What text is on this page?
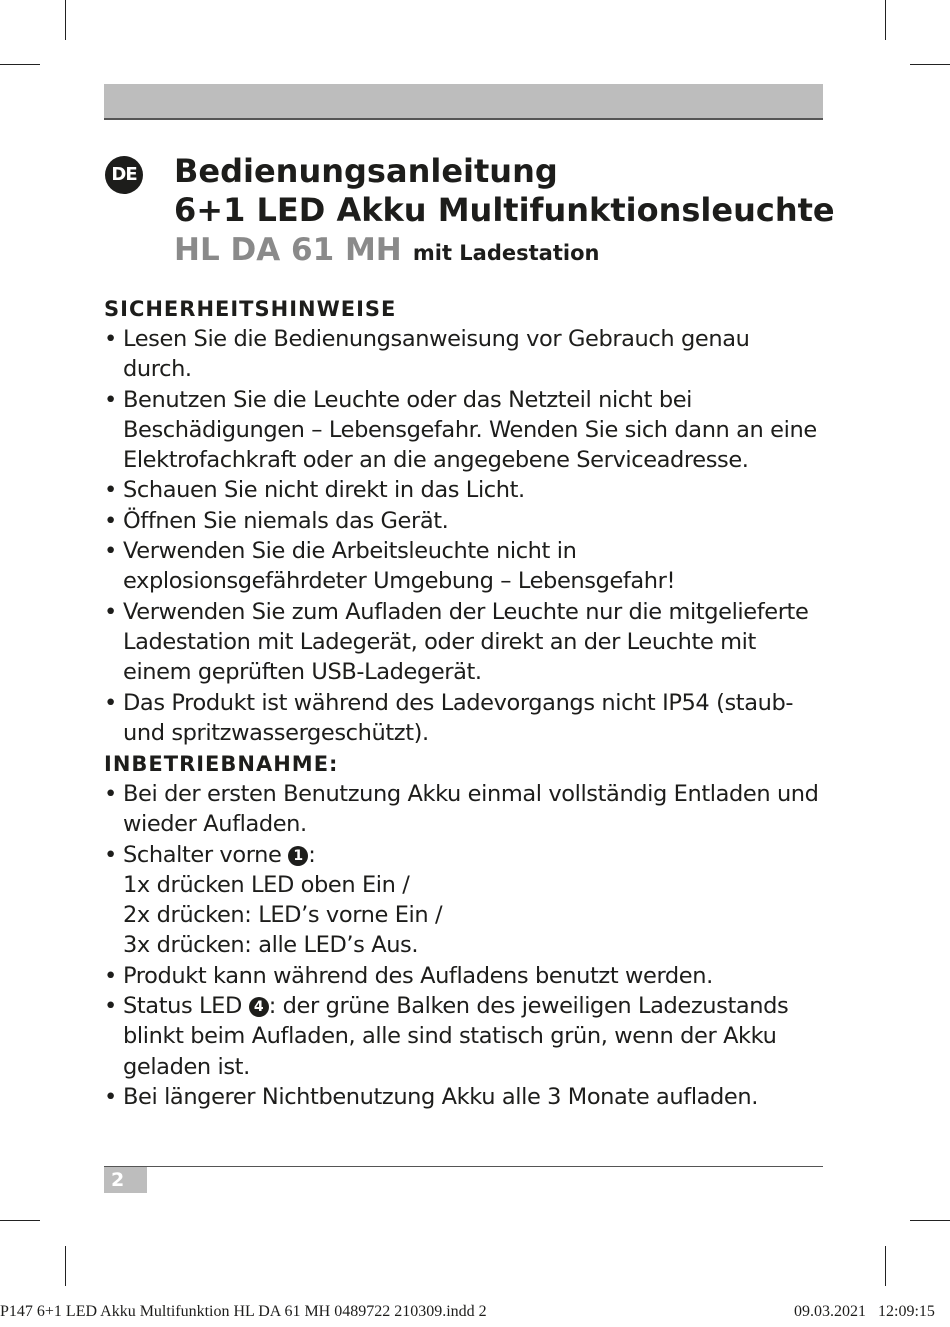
DE Bedienungsanleitung
6+1 LED Akku Multifunktionsleuchte
HL DA 61 MH mit Ladestation
SICHERHEITSHINWEISE
• Lesen Sie die Bedienungsanweisung vor Gebrauch genau durch.
• Benutzen Sie die Leuchte oder das Netzteil nicht bei Beschädigungen – Lebensgefahr. Wenden Sie sich dann an eine Elektrofachkraft oder an die angegebene Serviceadresse.
• Schauen Sie nicht direkt in das Licht.
• Öffnen Sie niemals das Gerät.
• Verwenden Sie die Arbeitsleuchte nicht in explosionsgefährdeter Umgebung – Lebensgefahr!
• Verwenden Sie zum Aufladen der Leuchte nur die mitgelieferte Ladestation mit Ladegerät, oder direkt an der Leuchte mit einem geprüften USB-Ladegerät.
• Das Produkt ist während des Ladevorgangs nicht IP54 (staub- und spritzwassergeschützt).
INBETRIEBNAHME:
• Bei der ersten Benutzung Akku einmal vollständig Entladen und wieder Aufladen.
• Schalter vorne 1 :
1x drücken LED oben Ein /
2x drücken: LED’s vorne Ein /
3x drücken: alle LED’s Aus.
• Produkt kann während des Aufladens benutzt werden.
• Status LED 4 : der grüne Balken des jeweiligen Ladezustands blinkt beim Aufladen, alle sind statisch grün, wenn der Akku geladen ist.
• Bei längerer Nichtbenutzung Akku alle 3 Monate aufladen.
2
P147 6+1 LED Akku Multifunktion HL DA 61 MH 0489722 210309.indd 2	09.03.2021 12:09:15
